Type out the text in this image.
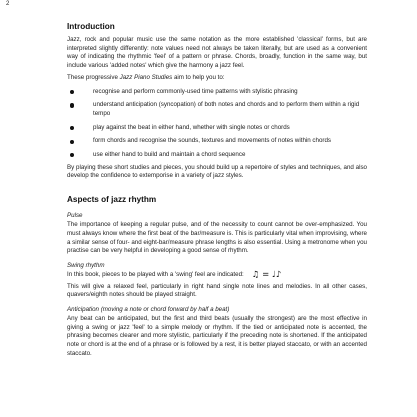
2
Introduction

Jazz, rock and popular music use the same notation as the more established 'classical' forms, but are interpreted slightly differently: note values need not always be taken literally, but are used as a convenient way of indicating the rhythmic 'feel' of a pattern or phrase. Chords, broadly, function in the same way, but include various 'added notes' which give the harmony a jazz feel.

These progressive Jazz Piano Studies aim to help you to:

recognise and perform commonly-used time patterns with stylistic phrasing
understand anticipation (syncopation) of both notes and chords and to perform them within a rigid tempo
play against the beat in either hand, whether with single notes or chords
form chords and recognise the sounds, textures and movements of notes within chords
use either hand to build and maintain a chord sequence

By playing these short studies and pieces, you should build up a repertoire of styles and techniques, and also develop the confidence to extemporise in a variety of jazz styles.

Aspects of jazz rhythm
Pulse

The importance of keeping a regular pulse, and of the necessity to count cannot be over-emphasized. You must always know where the first beat of the bar/measure is. This is particularly vital when improvising, where a similar sense of four- and eight-bar/measure phrase lengths is also essential. Using a metronome when you practise can be very helpful in developing a good sense of rhythm.

Swing rhythm

In this book, pieces to be played with a 'swing' feel are indicated: ♫ = ♩♪

This will give a relaxed feel, particularly in right hand single note lines and melodies. In all other cases, quavers/eighth notes should be played straight.

Anticipation (moving a note or chord forward by half a beat)

Any beat can be anticipated, but the first and third beats (usually the strongest) are the most effective in giving a swing or jazz 'feel' to a simple melody or rhythm. If the tied or anticipated note is accented, the phrasing becomes clearer and more stylistic, particularly if the preceding note is shortened. If the anticipated note or chord is at the end of a phrase or is followed by a rest, it is better played staccato, or with an accented staccato.
